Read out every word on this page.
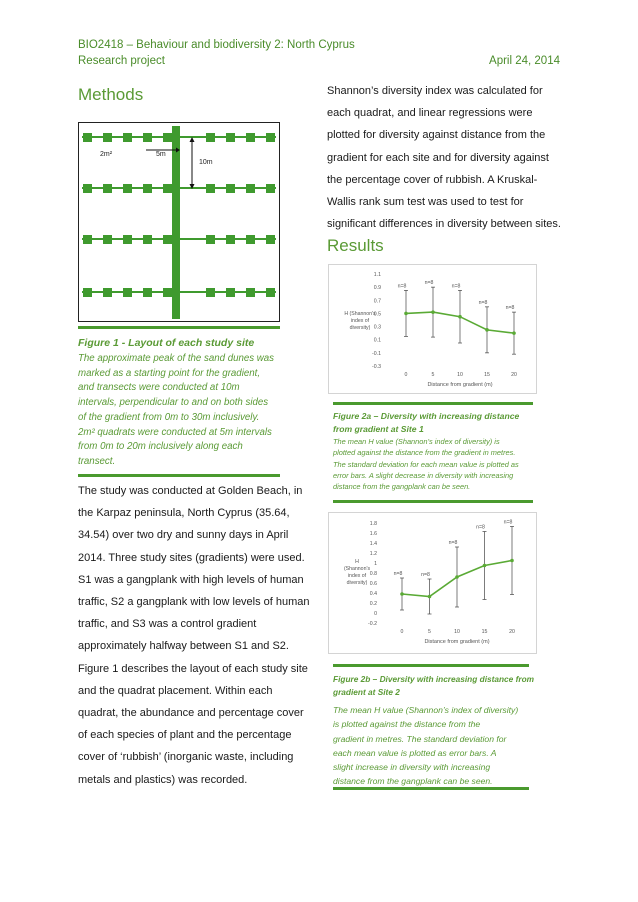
BIO2418 – Behaviour and biodiversity 2: North Cyprus
Research project	April 24, 2014
Methods
2m²	5m
10m

Figure 1 - Layout of each study site

The approximate peak of the sand dunes was

marked as a starting point for the gradient,

and transects were conducted at 10m

intervals, perpendicular to and on both sides

of the gradient from 0m to 30m inclusively.

2m² quadrats were conducted at 5m intervals

from 0m to 20m inclusively along each

transect.

The study was conducted at Golden Beach, in

the Karpaz peninsula, North Cyprus (35.64,

34.54) over two dry and sunny days in April

2014. Three study sites (gradients) were used.

S1 was a gangplank with high levels of human

traffic, S2 a gangplank with low levels of human

traffic, and S3 was a control gradient

approximately halfway between S1 and S2.

Figure 1 describes the layout of each study site

and the quadrat placement. Within each

quadrat, the abundance and percentage cover

of each species of plant and the percentage

cover of ‘rubbish’ (inorganic waste, including

metals and plastics) was recorded.

Shannon’s diversity index was calculated for

each quadrat, and linear regressions were

plotted for diversity against distance from the

gradient for each site and for diversity against

the percentage cover of rubbish. A Kruskal-

Wallis rank sum test was used to test for

significant differences in diversity between sites.

Results
1.1
0.9
0.7
0.5
0.3
0.1
-0.1
-0.3
0	5	10	15	20
Distance from gradient (m)
H (Shannon's
index of
diversity)
n=8
n=8
n=8
n=8
n=8

Figure 2a – Diversity with increasing distance

from gradient at Site 1

The mean H value (Shannon’s index of diversity) is

plotted against the distance from the gradient in metres.

The standard deviation for each mean value is plotted as

error bars. A slight decrease in diversity with increasing

distance from the gangplank can be seen.

1.8
1.6
1.4
1.2
1
0.8
0.6
0.4
0.2
0
-0.2
0	5	10	15	20
Distance from gradient (m)
H
(Shannon's
index of
diversity)
n=8	n=8
n=8
n=8
n=8

Figure 2b – Diversity with increasing distance from

gradient at Site 2

The mean H value (Shannon’s index of diversity)

is plotted against the distance from the

gradient in metres. The standard deviation for

each mean value is plotted as error bars. A

slight increase in diversity with increasing

distance from the gangplank can be seen.
